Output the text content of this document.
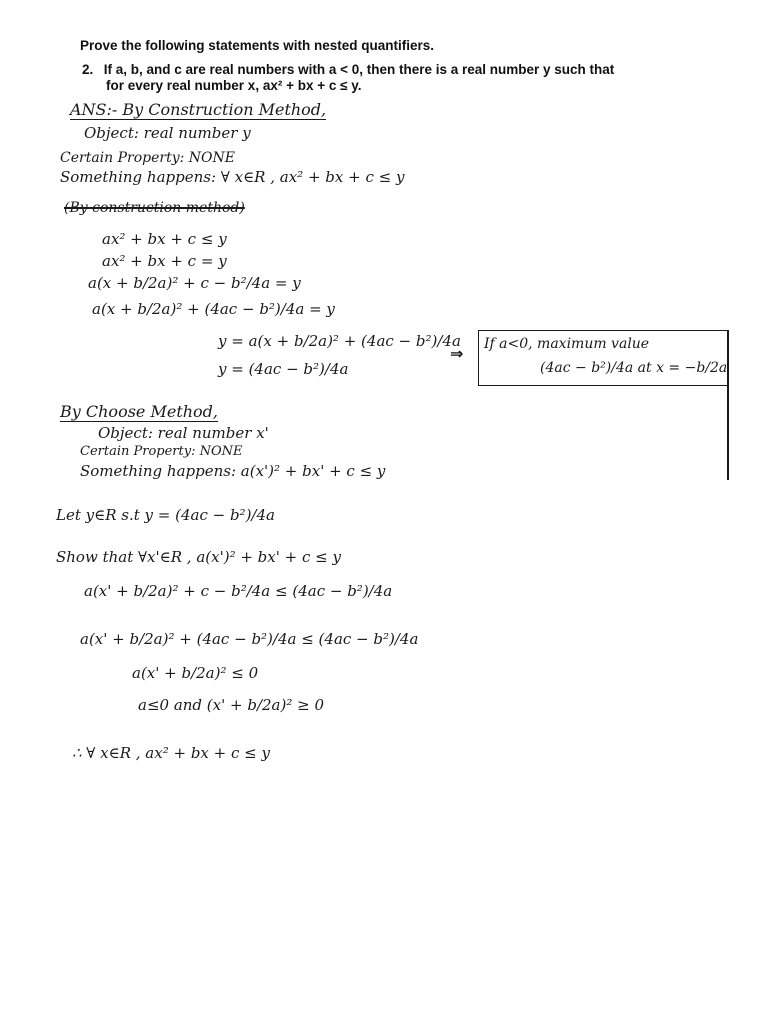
Prove the following statements with nested quantifiers.
2. If a, b, and c are real numbers with a < 0, then there is a real number y such that
for every real number x, ax² + bx + c ≤ y.
ANS:- By Construction Method,
Object: real number y
Certain Property: NONE
Something happens: ∀ x∈R , ax² + bx + c ≤ y
(By construction method)
ax² + bx + c ≤ y
ax² + bx + c = y
a(x + b/2a)² + c − b²/4a = y
a(x + b/2a)² + (4ac − b²)/4a = y
y = a(x + b/2a)² + (4ac − b²)/4a
y = (4ac − b²)/4a
⇒ If a<0, maximum value
(4ac − b²)/4a at x = −b/2a
By Choose Method,
Object: real number x'
Certain Property: NONE
Something happens: a(x')² + bx' + c ≤ y
Let y∈R s.t y = (4ac − b²)/4a
Show that ∀x'∈R , a(x')² + bx' + c ≤ y
a(x' + b/2a)² + c − b²/4a ≤ (4ac − b²)/4a
a(x' + b/2a)² + (4ac − b²)/4a ≤ (4ac − b²)/4a
a(x' + b/2a)² ≤ 0
a≤0 and (x' + b/2a)² ≥ 0
∴ ∀ x∈R , ax² + bx + c ≤ y
